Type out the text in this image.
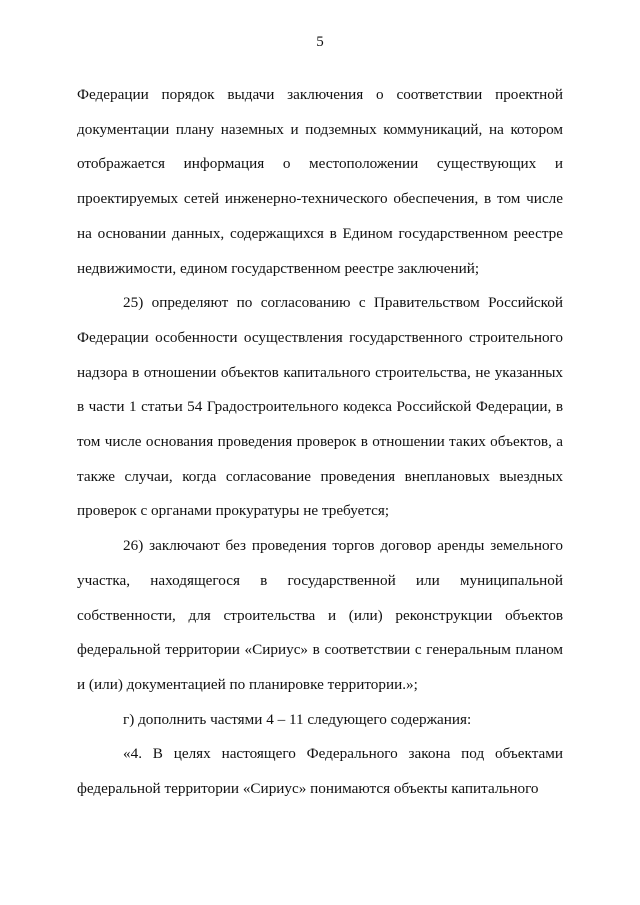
5

Федерации порядок выдачи заключения о соответствии проектной документации плану наземных и подземных коммуникаций, на котором отображается информация о местоположении существующих и проектируемых сетей инженерно-технического обеспечения, в том числе на основании данных, содержащихся в Едином государственном реестре недвижимости, едином государственном реестре заключений;

25) определяют по согласованию с Правительством Российской Федерации особенности осуществления государственного строительного надзора в отношении объектов капитального строительства, не указанных в части 1 статьи 54 Градостроительного кодекса Российской Федерации, в том числе основания проведения проверок в отношении таких объектов, а также случаи, когда согласование проведения внеплановых выездных проверок с органами прокуратуры не требуется;

26) заключают без проведения торгов договор аренды земельного участка, находящегося в государственной или муниципальной собственности, для строительства и (или) реконструкции объектов федеральной территории «Сириус» в соответствии с генеральным планом и (или) документацией по планировке территории.»;

г) дополнить частями 4 – 11 следующего содержания:

«4. В целях настоящего Федерального закона под объектами федеральной территории «Сириус» понимаются объекты капитального
